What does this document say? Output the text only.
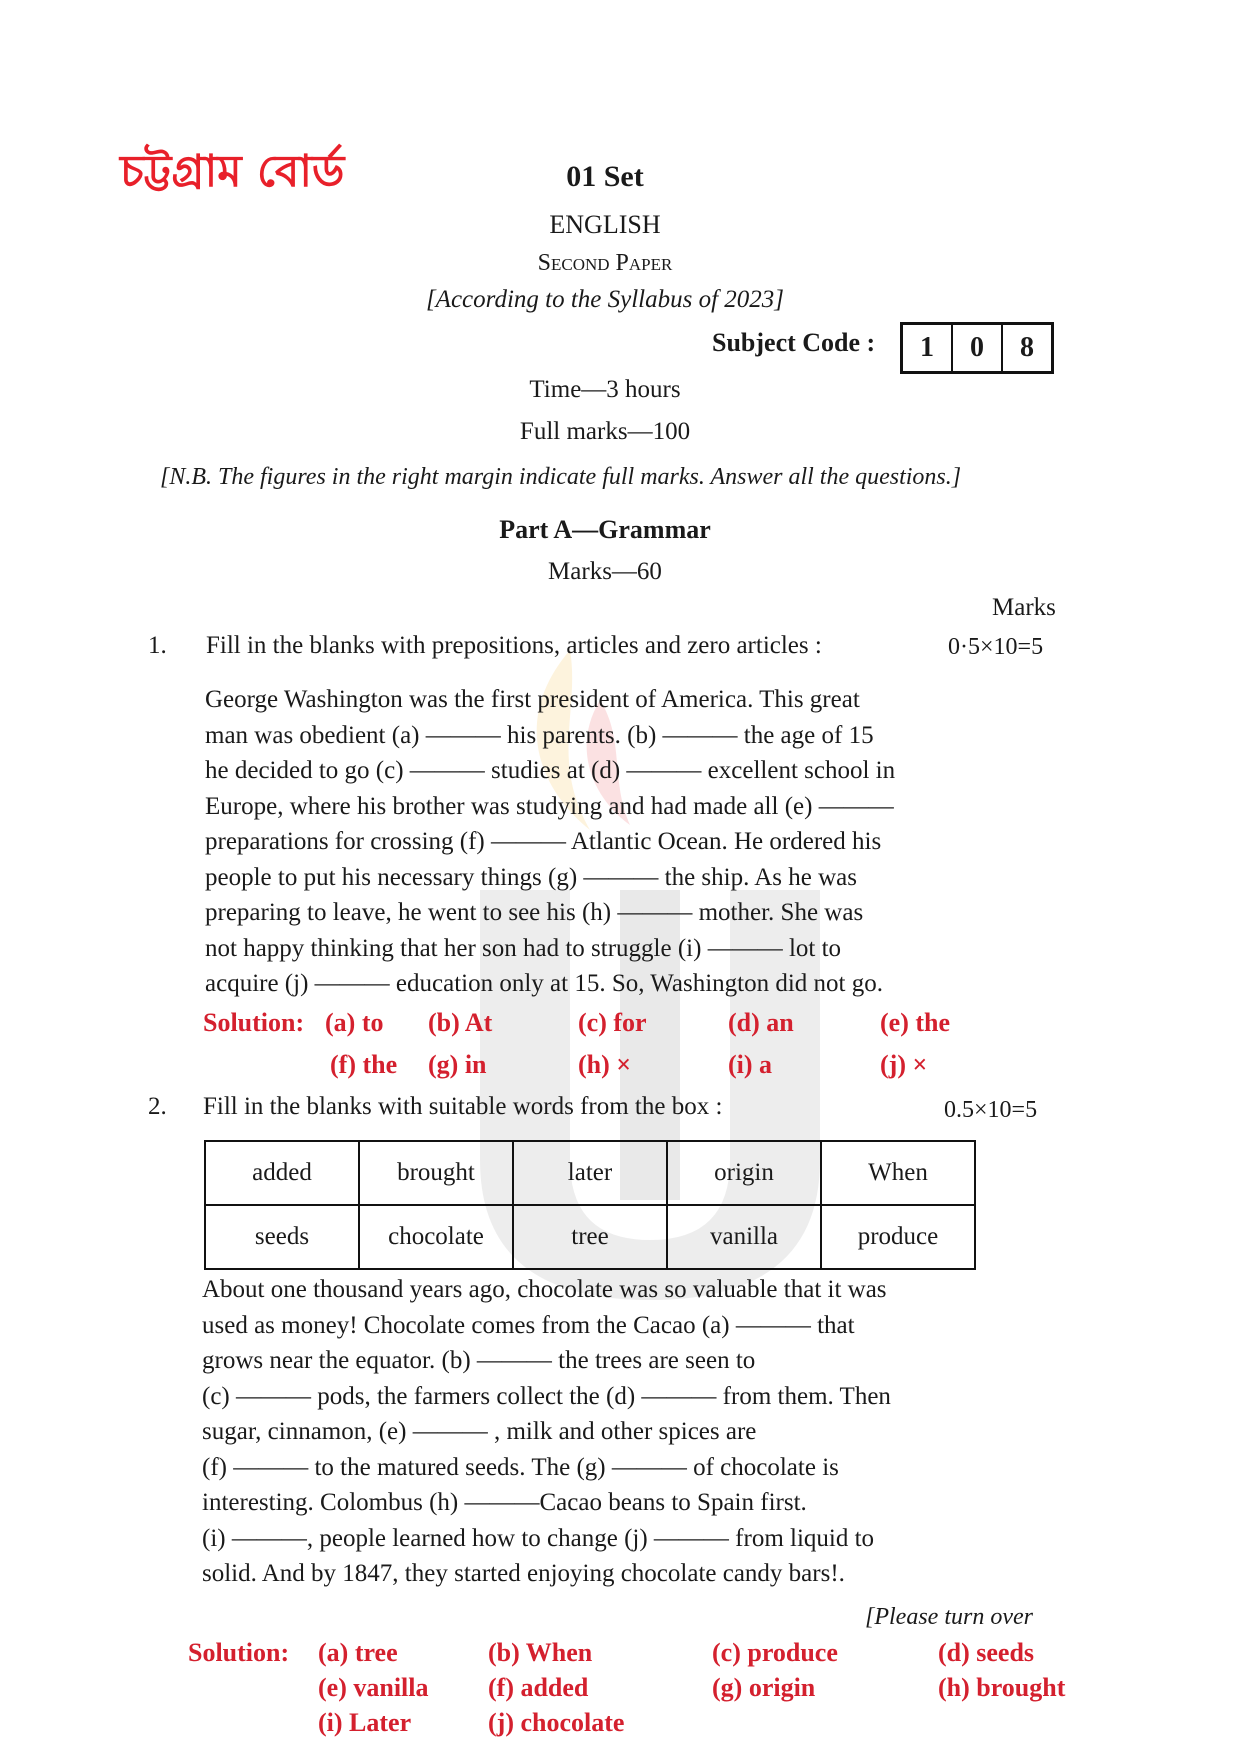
চট্টগ্রাম বোর্ড	01 Set
ENGLISH
Second Paper
[According to the Syllabus of 2023]
Subject Code :	1	0	8
Time—3 hours
Full marks—100
[N.B. The figures in the right margin indicate full marks. Answer all the questions.]
Part A—Grammar
Marks—60
Marks
1. Fill in the blanks with prepositions, articles and zero articles :	0·5×10=5
George Washington was the first president of America. This great
man was obedient (a) ——— his parents. (b) ——— the age of 15
he decided to go (c) ——— studies at (d) ——— excellent school in
Europe, where his brother was studying and had made all (e) ———
preparations for crossing (f) ——— Atlantic Ocean. He ordered his
people to put his necessary things (g) ——— the ship. As he was
preparing to leave, he went to see his (h) ——— mother. She was
not happy thinking that her son had to struggle (i) ——— lot to
acquire (j) ——— education only at 15. So, Washington did not go.
Solution: (a) to (b) At	(c) for	(d) an	(e) the
(f) the (g) in	(h) ×	(i) a	(j) ×
2. Fill in the blanks with suitable words from the box :	0.5×10=5
added	brought	later	origin	When
seeds	chocolate	tree	vanilla	produce
About one thousand years ago, chocolate was so valuable that it was
used as money! Chocolate comes from the Cacao (a) ——— that
grows near the equator. (b) ——— the trees are seen to
(c) ——— pods, the farmers collect the (d) ——— from them. Then
sugar, cinnamon, (e) ——— , milk and other spices are
(f) ——— to the matured seeds. The (g) ——— of chocolate is
interesting. Colombus (h) ———Cacao beans to Spain first.
(i) ———, people learned how to change (j) ——— from liquid to
solid. And by 1847, they started enjoying chocolate candy bars!.
[Please turn over
Solution: (a) tree	(b) When	(c) produce	(d) seeds
(e) vanilla (f) added	(g) origin	(h) brought
(i) Later	(j) chocolate
